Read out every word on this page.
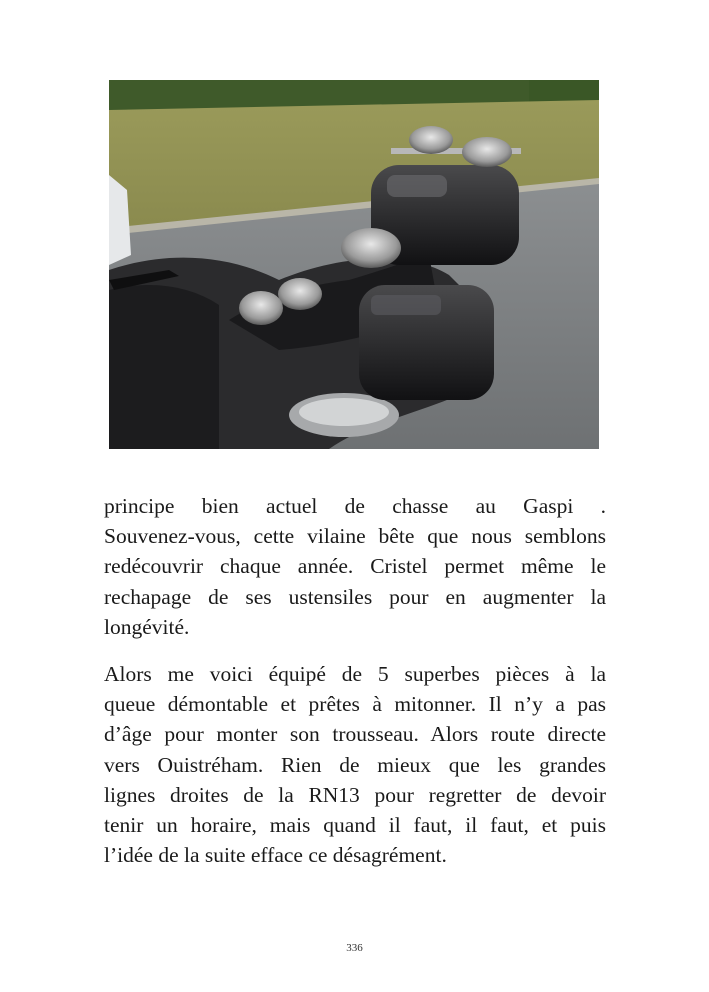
principe bien actuel de chasse au Gaspi .
Souvenez-vous, cette vilaine bête que nous semblons
redécouvrir chaque année. Cristel permet même le
rechapage de ses ustensiles pour en augmenter la
longévité.
Alors me voici équipé de 5 superbes pièces à la
queue démontable et prêtes à mitonner. Il n’y a pas
d’âge pour monter son trousseau. Alors route directe
vers Ouistréham. Rien de mieux que les grandes
lignes droites de la RN13 pour regretter de devoir
tenir un horaire, mais quand il faut, il faut, et puis
l’idée de la suite efface ce désagrément.
336
